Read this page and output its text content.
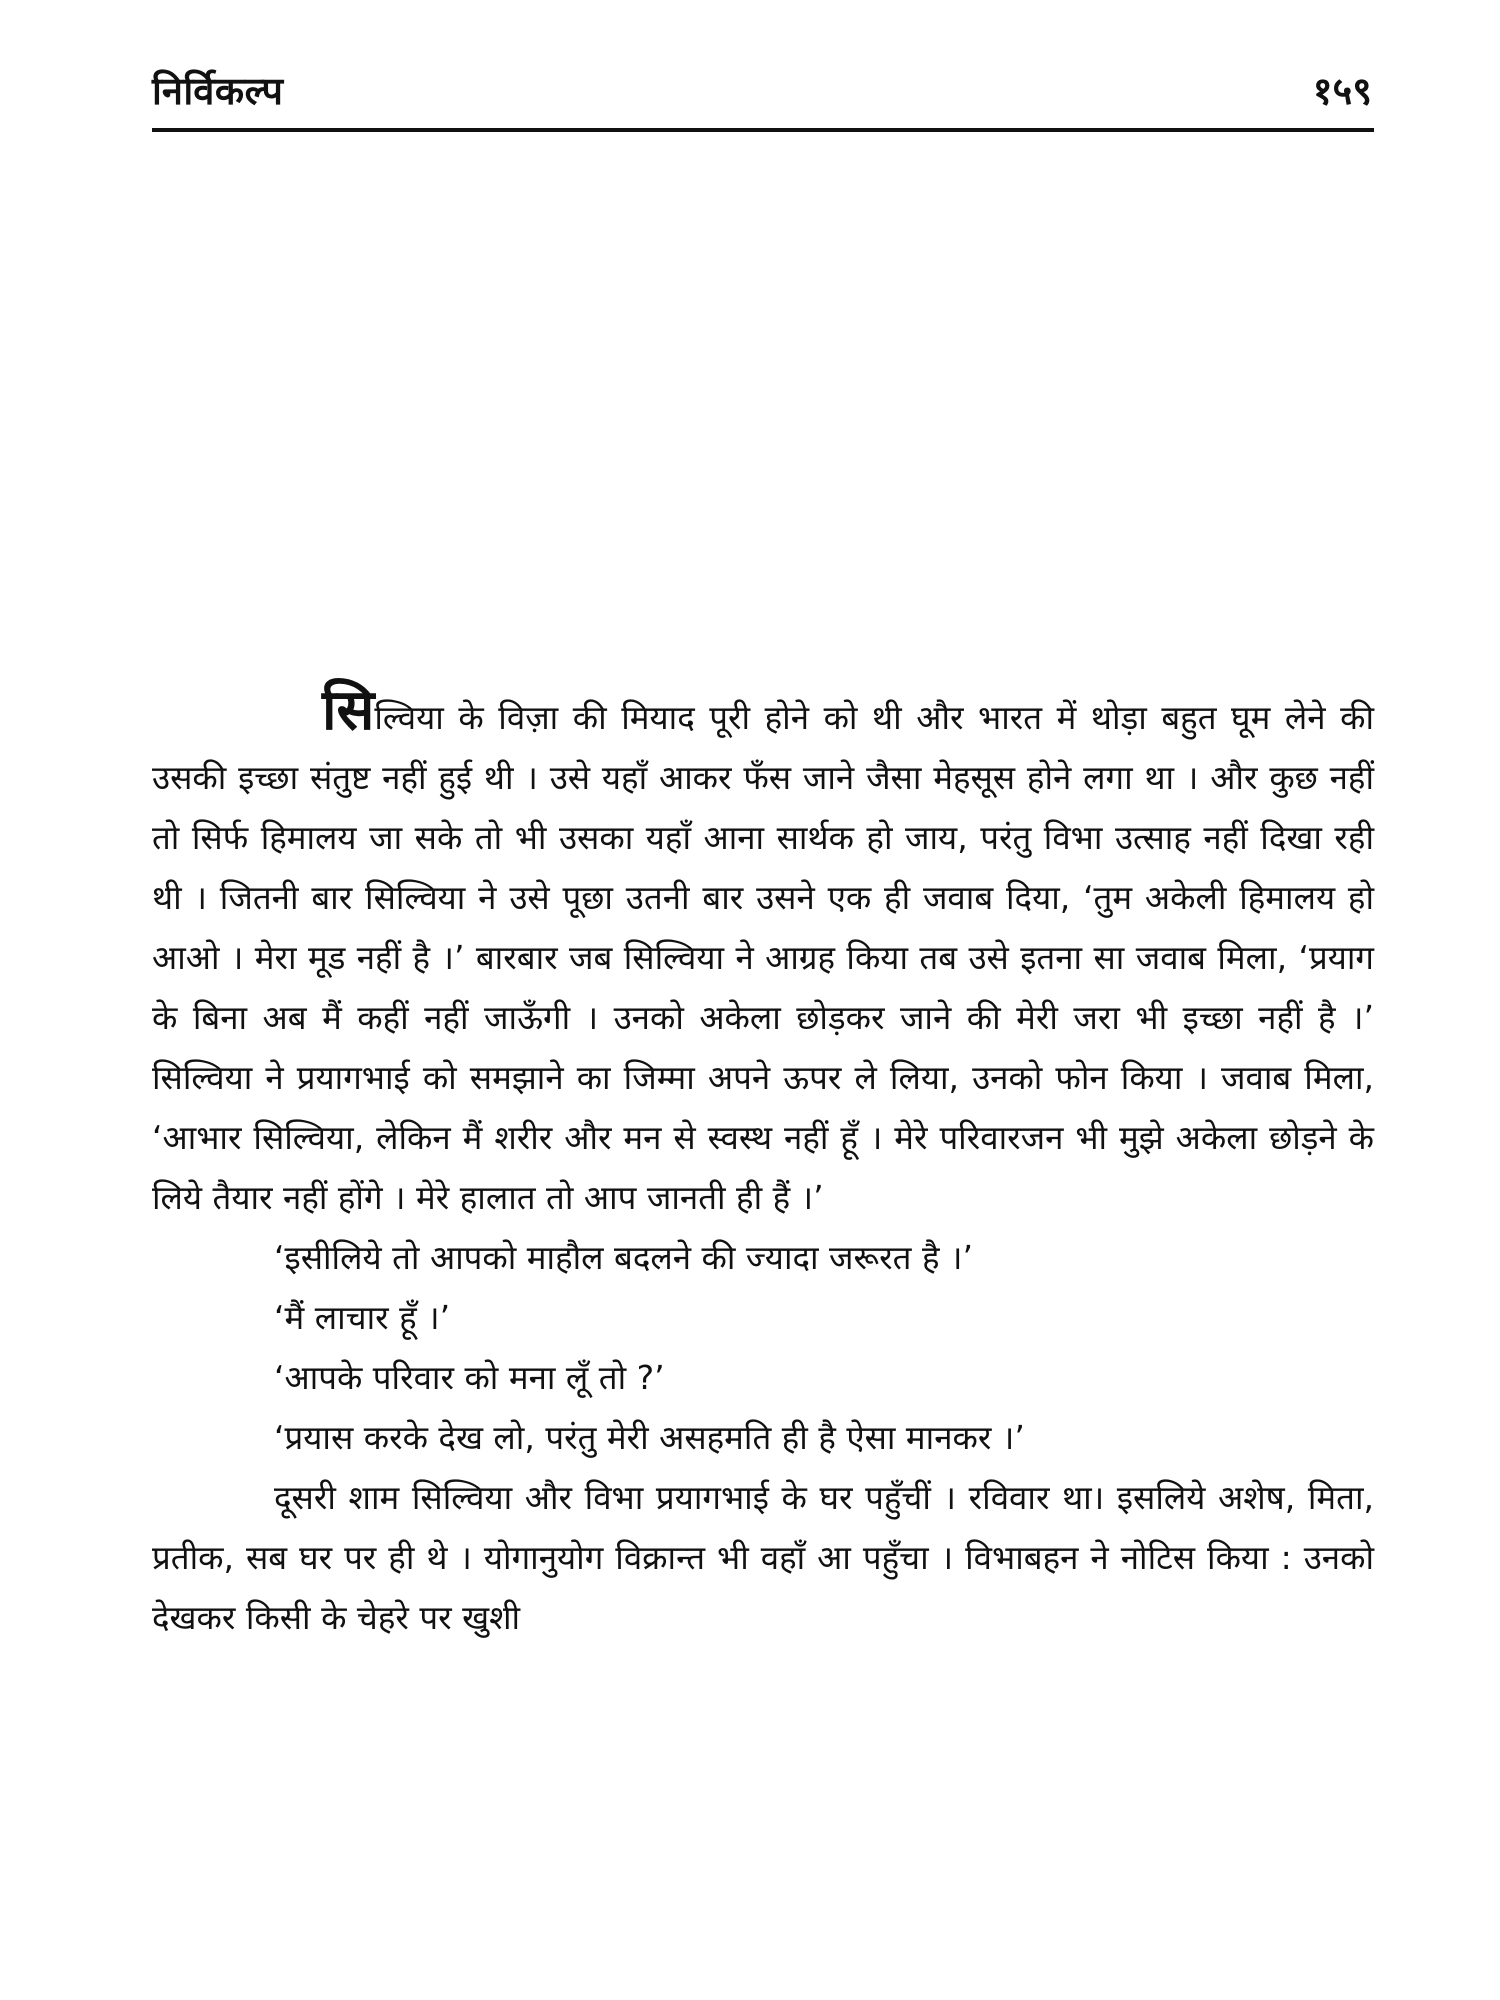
निर्विकल्प	१५९

सिल्विया के विज़ा की मियाद पूरी होने को थी और भारत में थोड़ा बहुत घूम लेने की उसकी इच्छा संतुष्ट नहीं हुई थी । उसे यहाँ आकर फँस जाने जैसा मेहसूस होने लगा था । और कुछ नहीं तो सिर्फ हिमालय जा सके तो भी उसका यहाँ आना सार्थक हो जाय, परंतु विभा उत्साह नहीं दिखा रही थी । जितनी बार सिल्विया ने उसे पूछा उतनी बार उसने एक ही जवाब दिया, ‘तुम अकेली हिमालय हो आओ । मेरा मूड नहीं है ।’ बारबार जब सिल्विया ने आग्रह किया तब उसे इतना सा जवाब मिला, ‘प्रयाग के बिना अब मैं कहीं नहीं जाऊँगी । उनको अकेला छोड़कर जाने की मेरी जरा भी इच्छा नहीं है ।’ सिल्विया ने प्रयागभाई को समझाने का जिम्मा अपने ऊपर ले लिया, उनको फोन किया । जवाब मिला, ‘आभार सिल्विया, लेकिन मैं शरीर और मन से स्वस्थ नहीं हूँ । मेरे परिवारजन भी मुझे अकेला छोड़ने के लिये तैयार नहीं होंगे । मेरे हालात तो आप जानती ही हैं ।’

‘इसीलिये तो आपको माहौल बदलने की ज्यादा जरूरत है ।’

‘मैं लाचार हूँ ।’

‘आपके परिवार को मना लूँ तो ?’

‘प्रयास करके देख लो, परंतु मेरी असहमति ही है ऐसा मानकर ।’

दूसरी शाम सिल्विया और विभा प्रयागभाई के घर पहुँचीं । रविवार था। इसलिये अशेष, मिता, प्रतीक, सब घर पर ही थे । योगानुयोग विक्रान्त भी वहाँ आ पहुँचा । विभाबहन ने नोटिस किया : उनको देखकर किसी के चेहरे पर खुशी
